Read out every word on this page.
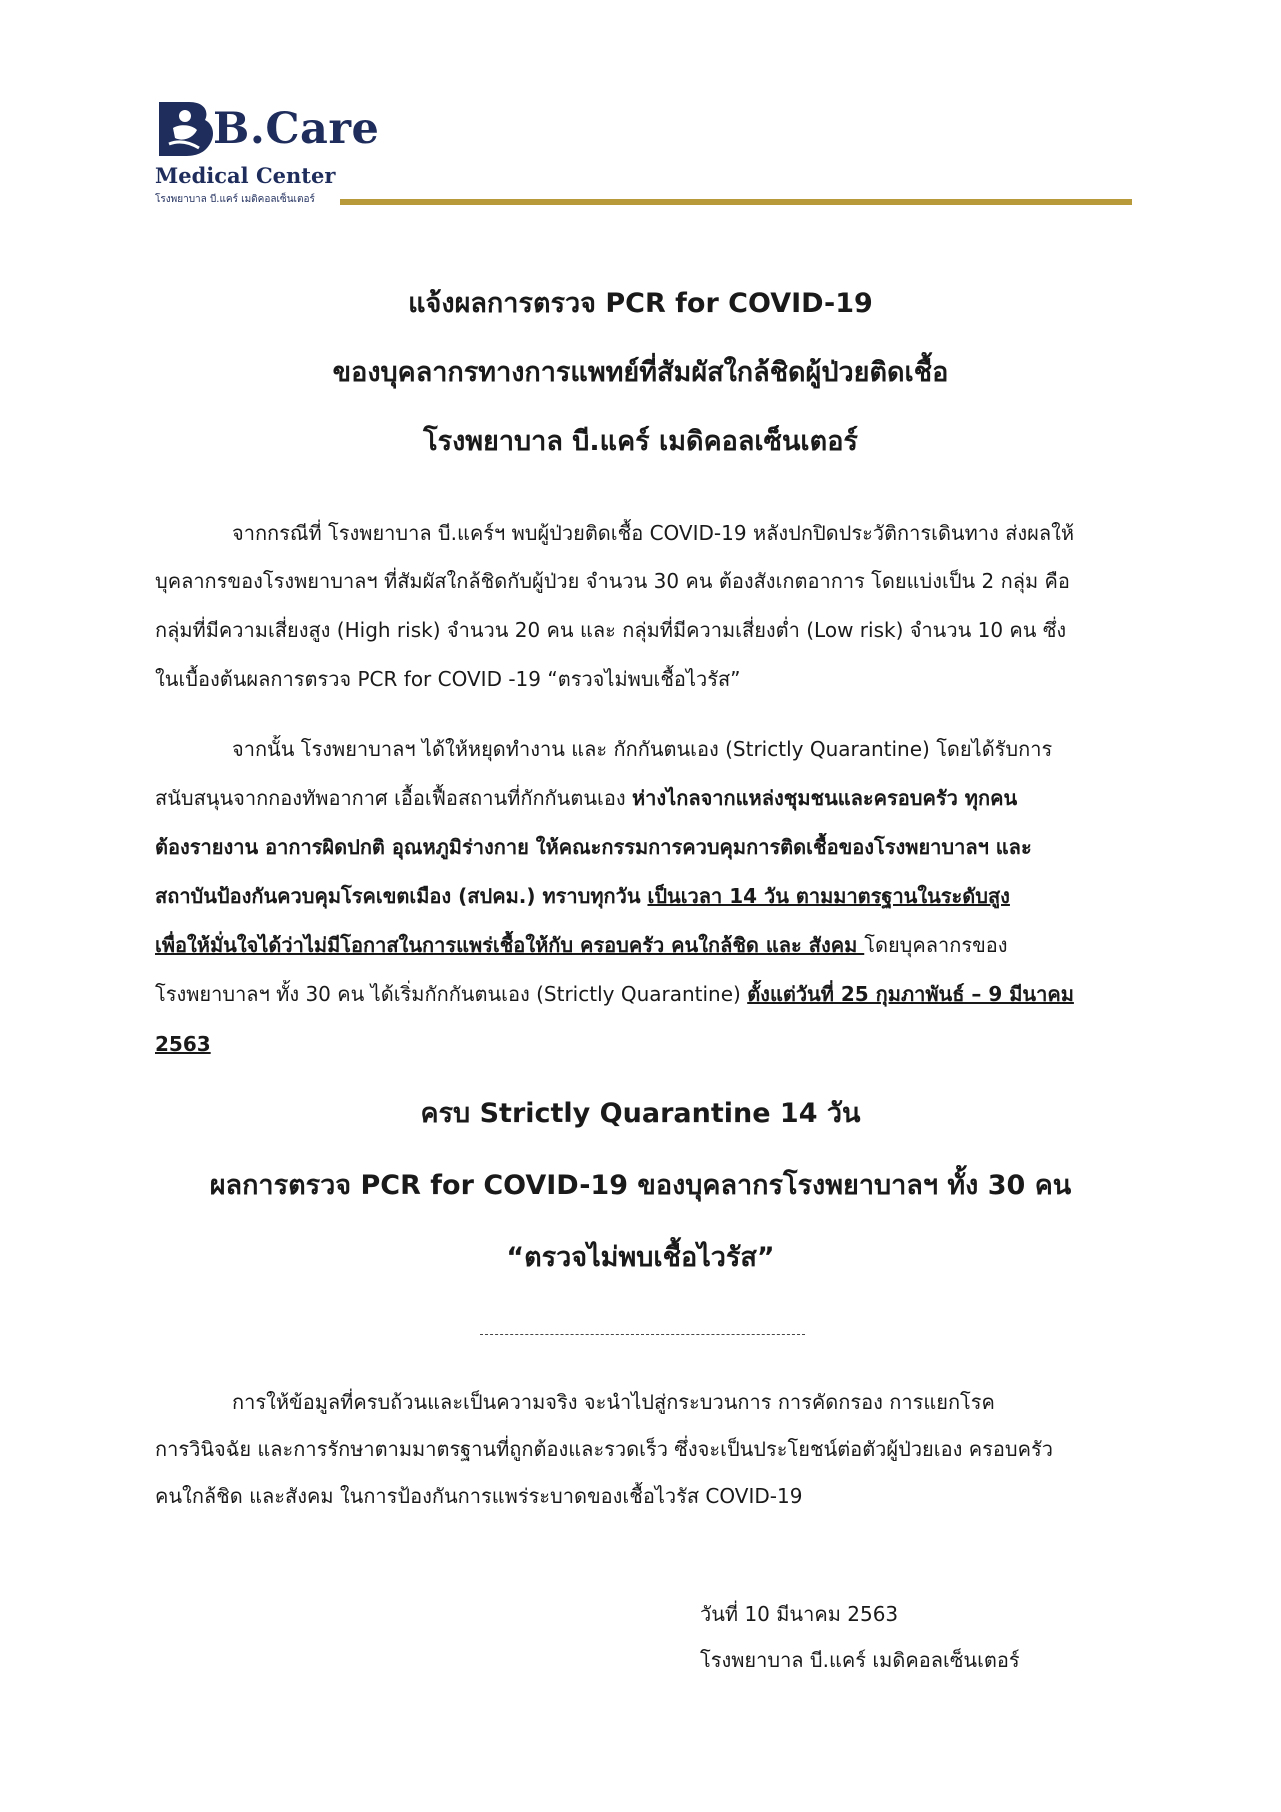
B.Care
Medical Center
โรงพยาบาล บี.แคร์ เมดิคอลเซ็นเตอร์
แจ้งผลการตรวจ PCR for COVID-19
ของบุคลากรทางการแพทย์ที่สัมผัสใกล้ชิดผู้ป่วยติดเชื้อ
โรงพยาบาล บี.แคร์ เมดิคอลเซ็นเตอร์
จากกรณีที่ โรงพยาบาล บี.แคร์ฯ พบผู้ป่วยติดเชื้อ COVID-19 หลังปกปิดประวัติการเดินทาง ส่งผลให้
บุคลากรของโรงพยาบาลฯ ที่สัมผัสใกล้ชิดกับผู้ป่วย จำนวน 30 คน ต้องสังเกตอาการ โดยแบ่งเป็น 2 กลุ่ม คือ
กลุ่มที่มีความเสี่ยงสูง (High risk) จำนวน 20 คน และ กลุ่มที่มีความเสี่ยงต่ำ (Low risk) จำนวน 10 คน ซึ่ง
ในเบื้องต้นผลการตรวจ PCR for COVID -19 “ตรวจไม่พบเชื้อไวรัส”
จากนั้น โรงพยาบาลฯ ได้ให้หยุดทำงาน และ กักกันตนเอง (Strictly Quarantine) โดยได้รับการ
สนับสนุนจากกองทัพอากาศ เอื้อเฟื้อสถานที่กักกันตนเอง ห่างไกลจากแหล่งชุมชนและครอบครัว ทุกคน
ต้องรายงาน อาการผิดปกติ อุณหภูมิร่างกาย ให้คณะกรรมการควบคุมการติดเชื้อของโรงพยาบาลฯ และ
สถาบันป้องกันควบคุมโรคเขตเมือง (สปคม.) ทราบทุกวัน เป็นเวลา 14 วัน ตามมาตรฐานในระดับสูง
เพื่อให้มั่นใจได้ว่าไม่มีโอกาสในการแพร่เชื้อให้กับ ครอบครัว คนใกล้ชิด และ สังคม โดยบุคลากรของ
โรงพยาบาลฯ ทั้ง 30 คน ได้เริ่มกักกันตนเอง (Strictly Quarantine) ตั้งแต่วันที่ 25 กุมภาพันธ์ – 9 มีนาคม
2563
ครบ Strictly Quarantine 14 วัน
ผลการตรวจ PCR for COVID-19 ของบุคลากรโรงพยาบาลฯ ทั้ง 30 คน
“ตรวจไม่พบเชื้อไวรัส”
การให้ข้อมูลที่ครบถ้วนและเป็นความจริง จะนำไปสู่กระบวนการ การคัดกรอง การแยกโรค
การวินิจฉัย และการรักษาตามมาตรฐานที่ถูกต้องและรวดเร็ว ซึ่งจะเป็นประโยชน์ต่อตัวผู้ป่วยเอง ครอบครัว
คนใกล้ชิด และสังคม ในการป้องกันการแพร่ระบาดของเชื้อไวรัส COVID-19
วันที่ 10 มีนาคม 2563
โรงพยาบาล บี.แคร์ เมดิคอลเซ็นเตอร์
